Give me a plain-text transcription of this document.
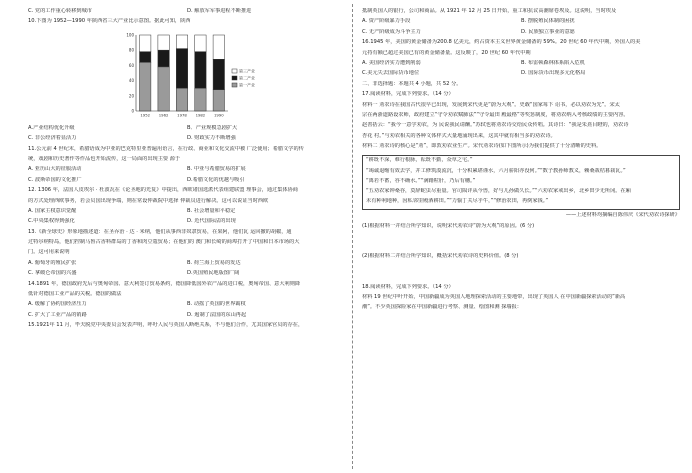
C. 党的工作重心转移到城市	D. 解放军军事进程不断推进
10.下图为 1952—1990 年陕西省三大产业比示意图。据此可知，陕西
100
80
60
40
20
0
1952 1962 1978 1982 1990
第三产业
第二产业
第一产业
A.产业结构优化升级	B．产业规模急剧扩大
C. 非公经济着显活力	D. 财政实力不断增强
11.公元前 4 世纪末，希腊语成为中亚的巴克特里亚普遍用语言，在行政、商业和文化交流中被 广泛使用；希腊文学的传
统，戏剧和历史著作等作品也开始流传，这一局面的出现主要 源于
A. 亚历山大的征服活动	B. 中亚与希腊贸易的扩展
C. 波斯帝国的文化推广	D.希腊文化的优越与吸引
12. 1306 年，法国人皮埃尔 · 杜波瓦在《论圣地的光复》中提出，西欧诸国选派代表组建联盟 理事会，通过集体协商
的方式处理西欧事务，若会员国出现争端，则在常设仲裁院中选择 仲裁员进行解决。这可以说证当时西欧
A. 国家主权意识觉醒	B. 社会增量和平稳定
C.中央集权得到强化	D. 近代国际法的出现
13.《新全球史》形象地描述道：在圣乔治 · 达 · 米纳，他们从事西非奴隶贸易，在果阿，他们瓦 运回撤的胡椒，通
过特尔纳特岛，他们控制马鲁古香料群岛的丁香和肉豆蔻贸易；在他们的 澳门和长崎的商埠打开了中国和日本市场的大
门。这可用来说明
A. 葡萄牙的殖民扩张	B. 荷兰海上贸易的发达
C. 拿破仑帝国的兴盛	D.英国殖民地版图广阔
14.1891 年，德国政府先后与奥匈帝国、意大利签订贸易条约，德国降低国外农产品的进口税，奥匈帝国、意大利则降
低针对德国工业产品的关税。德国的做法
A. 缓解了协约国经济压力	B. 动摇了英国的世界霸权
C. 扩大了工业产品的销路	D. 遏制了法国的东山再起
15.1921年 11 月，毕夫脱党中央委员会发表声明，呼吁人民与英国人断绝关系，不与他们合作，尤其国家官员的存在，
抵制英国人的银行，公司和商品。从 1921 年 12 月 25 日开始，重工和抗议高潮席卷埃及。这说明，当时埃及
A. 资产阶级暴力手段	B. 摆脱殖民体制的困扰
C. 无产阶级成为斗争主力	D. 民族独立事业的意愿
16.1945 年，美国的黄金储备为200.8 亿美元，约占资本主义世界黄金储备的 59%。20 世纪 60 年代中期，外国人的美
元持有额已超过美国已有的黄金储备量。这反映了，20 世纪 60 年代中期
A. 美国经济实力遭到削弱	B. 布雷顿森林体系陷入危机
C.美元失去国际货币地位	D. 国际货币出现多元化格局
二、非选择题：本题共 4 小题，共 52 分。
17.阅读材料，完成下列要求。（14 分）
材料一 劝农诗在我国古代很早已出现，发展到宋代更是“蔚为大观”。史载“国家每下 诏书，必以劝农为先”。宋太
宗在两浙道路设农师，政府建立“守令劝农赋肺法”“守令最田 殿最格”等奖惩制度，将劝农纳入考核政绩的主要内容。
赵善括云：“我今一意学劝农，为 民说我民请酬。”苏轼也将劝农诗交给民众传唱。其诗曰：“我是朱熹目瞪的，劝农诗
杏花 村。”与劝农相关的各种文体样式大量地涌现出来，这其中就有相当多的劝农诗。
材料二 劝农诗的核心是“劝”，即敦劝农业生产。宋代劝农诗(如下图所示)为我们提供了十分清晰的史料。
“耕既不深，难行根脉，耘既不勤，众草之宅。”
“竭诚退缩有效去学，并工修筑漠流沉，十分积累堪谨水，六月骄阳亦没何。”“数子教孙师教义，赖桑栽桔暮栽瓦。”
“离若不蓄，谷不确水。”“满籍粒肝，乃后有穗。”
“五劝农家钟桑谷，莫辞蛇虫尽重量。官司陨详从今兽，好与儿孙做久长。”“六劝农家戒出乡，北乡田少无所冈。在厢
未有种利地种，因私邻里殿酒耕田。”“力愉丁关尽乎牛，”“修治农田，再倒家钱。”
——上述材料均摘编自陈伟庆《宋代劝农诗探研》
(1)根据材料一并结合所学知识，说明宋代劝农诗“蔚为大观”的原因。(6 分)
(2)根据材料二并结合所学知识，概括宋代劝农诗的史料价值。(8 分)
18.阅读材料，完成下列要求。（14 分）
材料 19 世纪中叶开始，中国新疆成为英国人地理探索活动的主要地带，出现了英国人 在中国新疆探索活动的”新高
潮”。不少英国探险家在中国新疆进行考察、测量、绘图和测 探墙报：
